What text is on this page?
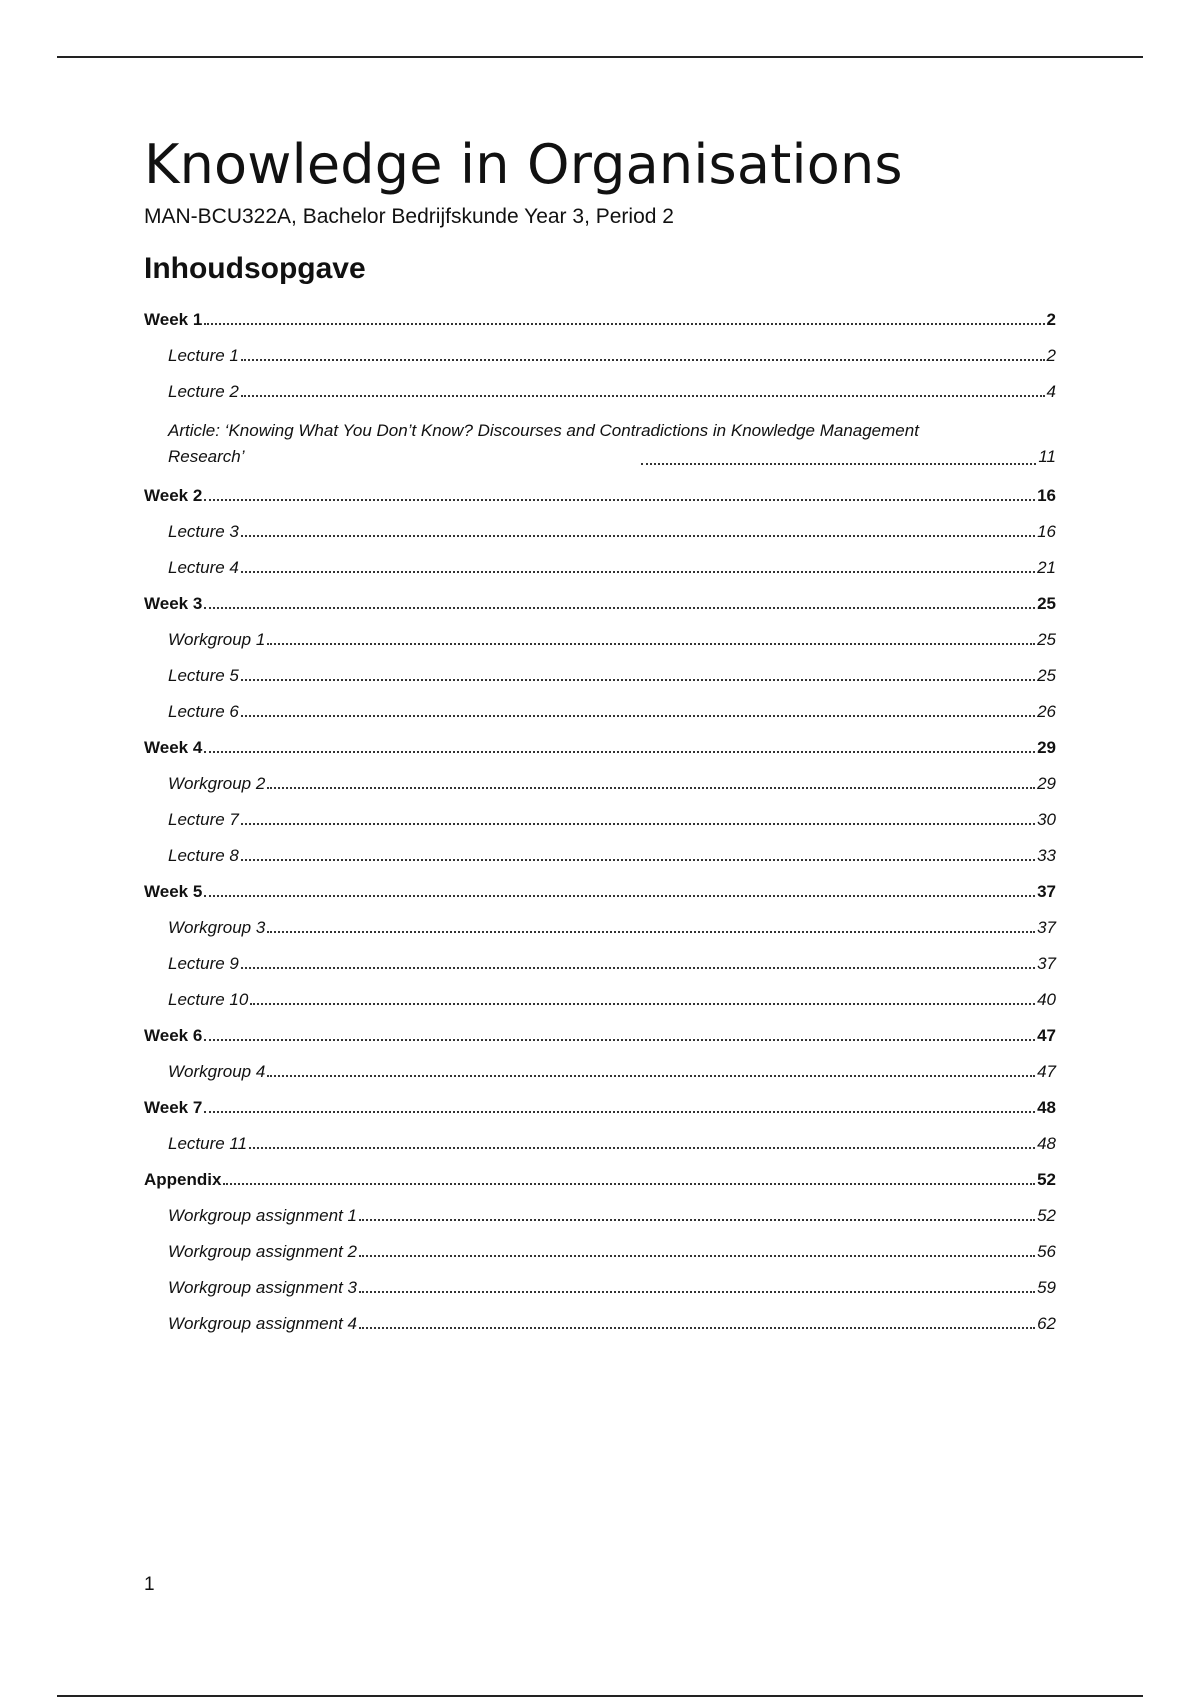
Knowledge in Organisations
MAN-BCU322A, Bachelor Bedrijfskunde Year 3, Period 2
Inhoudsopgave
Week 1	2
Lecture 1	2
Lecture 2	4
Article: ‘Knowing What You Don’t Know? Discourses and Contradictions in Knowledge Management
Research’	11
Week 2	16
Lecture 3	16
Lecture 4	21
Week 3	25
Workgroup 1	25
Lecture 5	25
Lecture 6	26
Week 4	29
Workgroup 2	29
Lecture 7	30
Lecture 8	33
Week 5	37
Workgroup 3	37
Lecture 9	37
Lecture 10	40
Week 6	47
Workgroup 4	47
Week 7	48
Lecture 11	48
Appendix	52
Workgroup assignment 1	52
Workgroup assignment 2	56
Workgroup assignment 3	59
Workgroup assignment 4	62
1
